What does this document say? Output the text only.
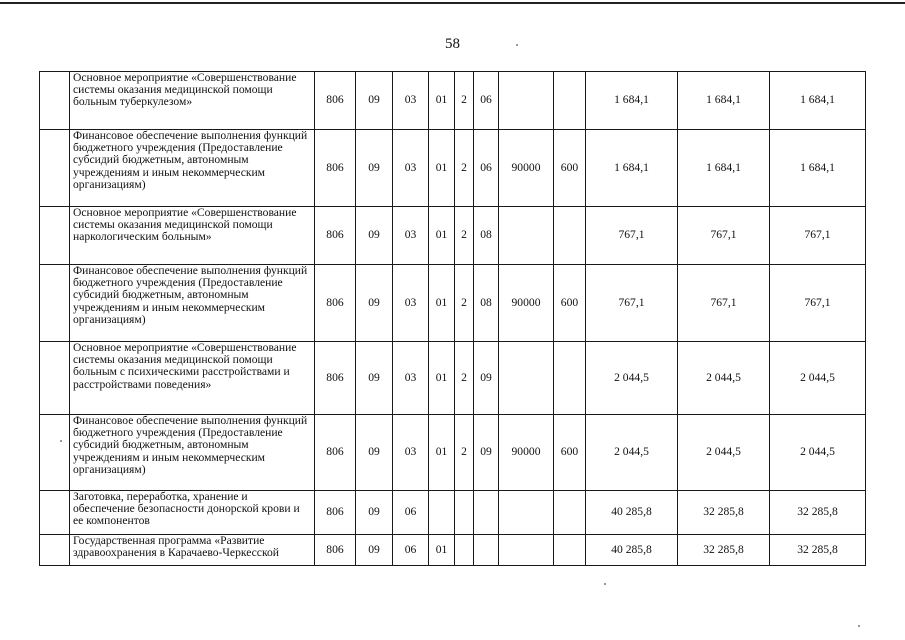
58
	Основное мероприятие «Совершенствование системы оказания медицинской помощи больным туберкулезом»	806	09	03	01	2	06			1 684,1	1 684,1	1 684,1
	Финансовое обеспечение выполнения функций бюджетного учреждения (Предоставление субсидий бюджетным, автономным учреждениям и иным некоммерческим организациям)	806	09	03	01	2	06	90000	600	1 684,1	1 684,1	1 684,1
	Основное мероприятие «Совершенствование системы оказания медицинской помощи наркологическим больным»	806	09	03	01	2	08			767,1	767,1	767,1
	Финансовое обеспечение выполнения функций бюджетного учреждения (Предоставление субсидий бюджетным, автономным учреждениям и иным некоммерческим организациям)	806	09	03	01	2	08	90000	600	767,1	767,1	767,1
	Основное мероприятие «Совершенствование системы оказания медицинской помощи больным с психическими расстройствами и расстройствами поведения»	806	09	03	01	2	09			2 044,5	2 044,5	2 044,5
	Финансовое обеспечение выполнения функций бюджетного учреждения (Предоставление субсидий бюджетным, автономным учреждениям и иным некоммерческим организациям)	806	09	03	01	2	09	90000	600	2 044,5	2 044,5	2 044,5
	Заготовка, переработка, хранение и обеспечение безопасности донорской крови и ее компонентов	806	09	06						40 285,8	32 285,8	32 285,8
	Государственная программа «Развитие здравоохранения в Карачаево-Черкесской	806	09	06	01					40 285,8	32 285,8	32 285,8
